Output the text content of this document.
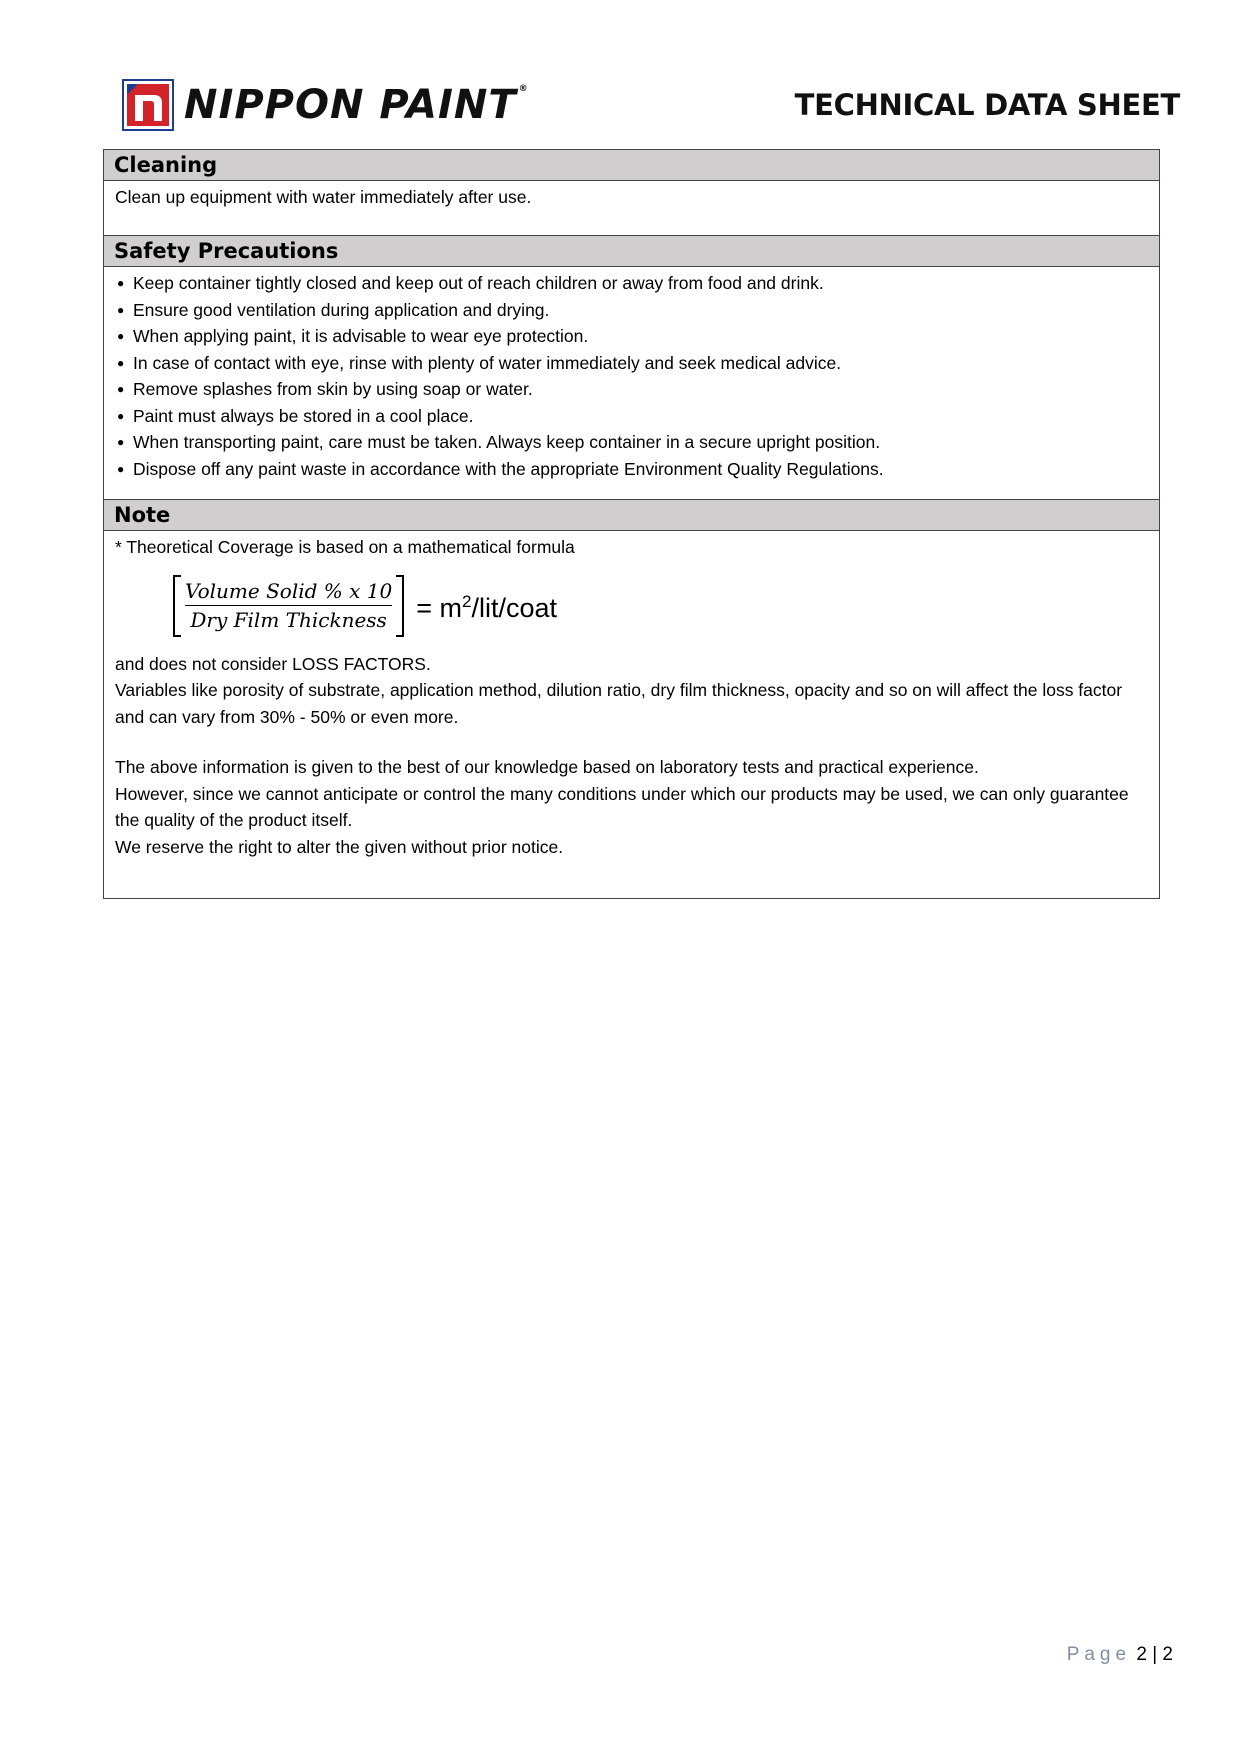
NIPPON PAINT ®	TECHNICAL DATA SHEET
Cleaning
Clean up equipment with water immediately after use.
Safety Precautions
● Keep container tightly closed and keep out of reach children or away from food and drink.
● Ensure good ventilation during application and drying.
● When applying paint, it is advisable to wear eye protection.
● In case of contact with eye, rinse with plenty of water immediately and seek medical advice.
● Remove splashes from skin by using soap or water.
● Paint must always be stored in a cool place.
● When transporting paint, care must be taken. Always keep container in a secure upright position.
● Dispose off any paint waste in accordance with the appropriate Environment Quality Regulations.
Note
* Theoretical Coverage is based on a mathematical formula
$\frac{\text{Volume Solid \% x 10}}{\text{Dry Film Thickness}}$ = $m^2/lit$/coat
and does not consider LOSS FACTORS.
Variables like porosity of substrate, application method, dilution ratio, dry film thickness, opacity and so on will affect the loss factor and can vary from 30% - 50% or even more.
The above information is given to the best of our knowledge based on laboratory tests and practical experience.
However, since we cannot anticipate or control the many conditions under which our products may be used, we can only guarantee the quality of the product itself.
We reserve the right to alter the given without prior notice.
Page 2 | 2
